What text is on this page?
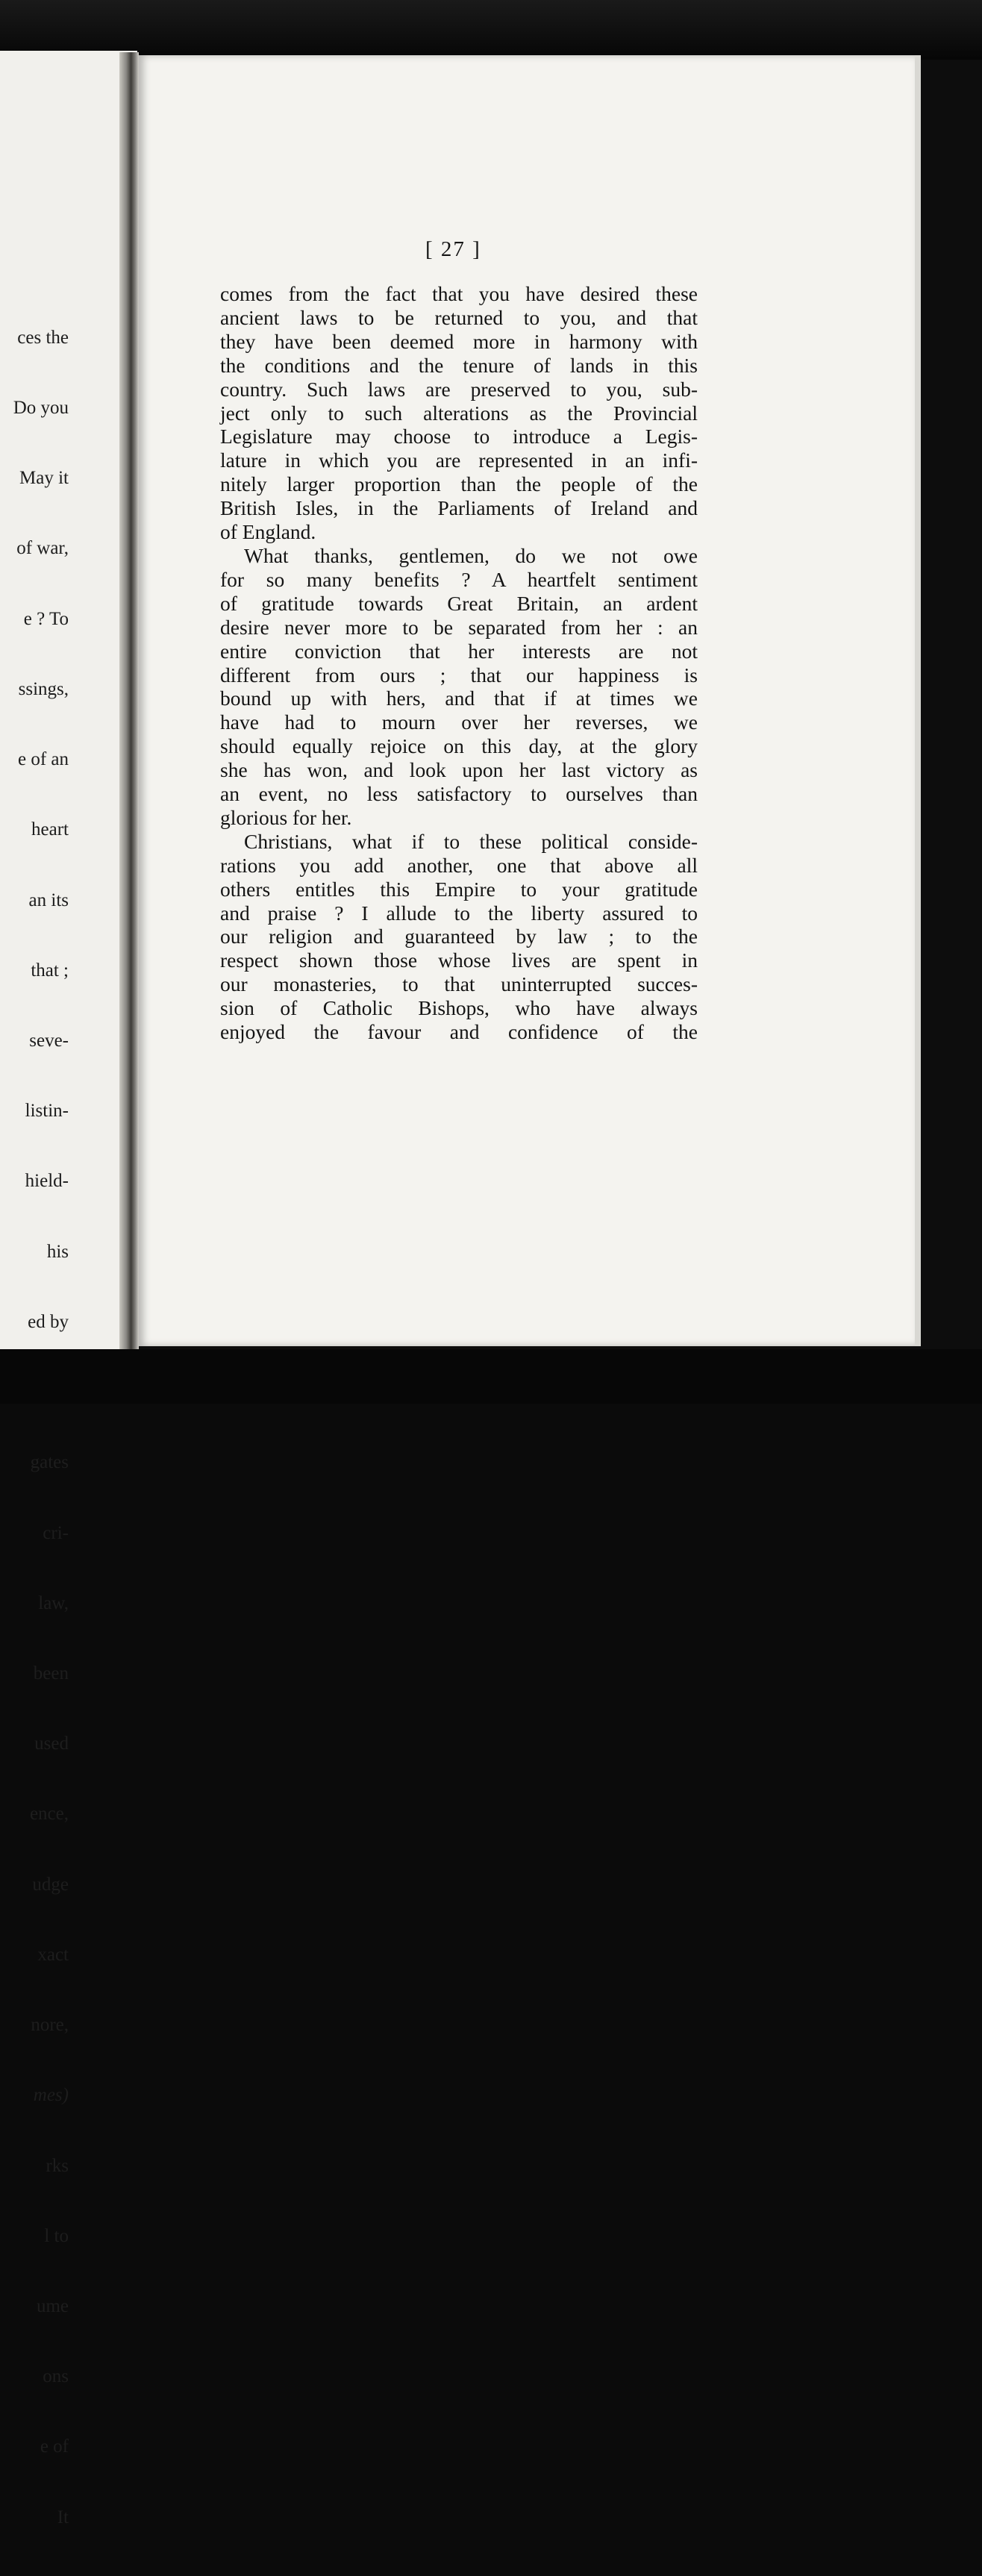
ces the

Do you

May it

of war,

e ? To

ssings,

e of an

heart

an its

that ;

seve-

listin-

hield-

his

ed by

gates

cri-

law,

been

used

ence,

udge

xact

nore,

mes)

rks

l to

ume

ons

e of

It

[ 27 ]
comes from the fact that you have desired these
ancient laws to be returned to you, and that
they have been deemed more in harmony with
the conditions and the tenure of lands in this
country. Such laws are preserved to you, sub-
ject only to such alterations as the Provincial
Legislature may choose to introduce a Legis-
lature in which you are represented in an infi-
nitely larger proportion than the people of the
British Isles, in the Parliaments of Ireland and
of England.
What thanks, gentlemen, do we not owe
for so many benefits ? A heartfelt sentiment
of gratitude towards Great Britain, an ardent
desire never more to be separated from her : an
entire conviction that her interests are not
different from ours ; that our happiness is
bound up with hers, and that if at times we
have had to mourn over her reverses, we
should equally rejoice on this day, at the glory
she has won, and look upon her last victory as
an event, no less satisfactory to ourselves than
glorious for her.
Christians, what if to these political conside-
rations you add another, one that above all
others entitles this Empire to your gratitude
and praise ? I allude to the liberty assured to
our religion and guaranteed by law ; to the
respect shown those whose lives are spent in
our monasteries, to that uninterrupted succes-
sion of Catholic Bishops, who have always
enjoyed the favour and confidence of the
